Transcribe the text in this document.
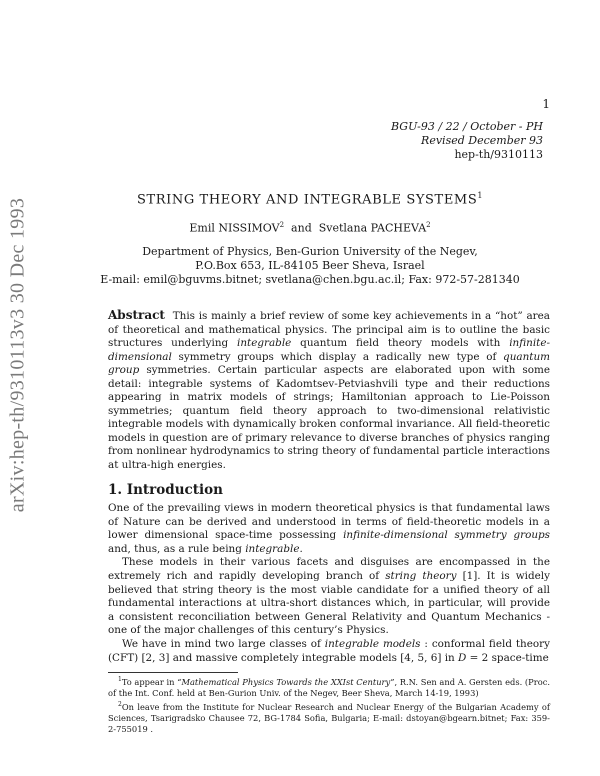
arXiv:hep-th/9310113v3 30 Dec 1993
1
BGU-93 / 22 / October - PH
Revised December 93
hep-th/9310113
STRING THEORY AND INTEGRABLE SYSTEMS$^1$
Emil NISSIMOV$^2$ and Svetlana PACHEVA$^2$
Department of Physics, Ben-Gurion University of the Negev,
P.O.Box 653, IL-84105 Beer Sheva, Israel
E-mail: emil@bguvms.bitnet; svetlana@chen.bgu.ac.il; Fax: 972-57-281340
Abstract This is mainly a brief review of some key achievements in a “hot” area of theoretical and mathematical physics. The principal aim is to outline the basic structures underlying integrable quantum field theory models with infinite-dimensional symmetry groups which display a radically new type of quantum group symmetries. Certain particular aspects are elaborated upon with some detail: integrable systems of Kadomtsev-Petviashvili type and their reductions appearing in matrix models of strings; Hamiltonian approach to Lie-Poisson symmetries; quantum field theory approach to two-dimensional relativistic integrable models with dynamically broken conformal invariance. All field-theoretic models in question are of primary relevance to diverse branches of physics ranging from nonlinear hydrodynamics to string theory of fundamental particle interactions at ultra-high energies.
1. Introduction

One of the prevailing views in modern theoretical physics is that fundamental laws of Nature can be derived and understood in terms of field-theoretic models in a lower dimensional space-time possessing infinite-dimensional symmetry groups and, thus, as a rule being integrable.

These models in their various facets and disguises are encompassed in the extremely rich and rapidly developing branch of string theory [1]. It is widely believed that string theory is the most viable candidate for a unified theory of all fundamental interactions at ultra-short distances which, in particular, will provide a consistent reconciliation between General Relativity and Quantum Mechanics - one of the major challenges of this century’s Physics.

We have in mind two large classes of integrable models : conformal field theory (CFT) [2, 3] and massive completely integrable models [4, 5, 6] in D = 2 space-time

$^1$To appear in “Mathematical Physics Towards the XXIst Century”, R.N. Sen and A. Gersten eds. (Proc. of the Int. Conf. held at Ben-Gurion Univ. of the Negev, Beer Sheva, March 14-19, 1993)

$^2$On leave from the Institute for Nuclear Research and Nuclear Energy of the Bulgarian Academy of Sciences, Tsarigradsko Chausee 72, BG-1784 Sofia, Bulgaria; E-mail: dstoyan@bgearn.bitnet; Fax: 359-2-755019 .
